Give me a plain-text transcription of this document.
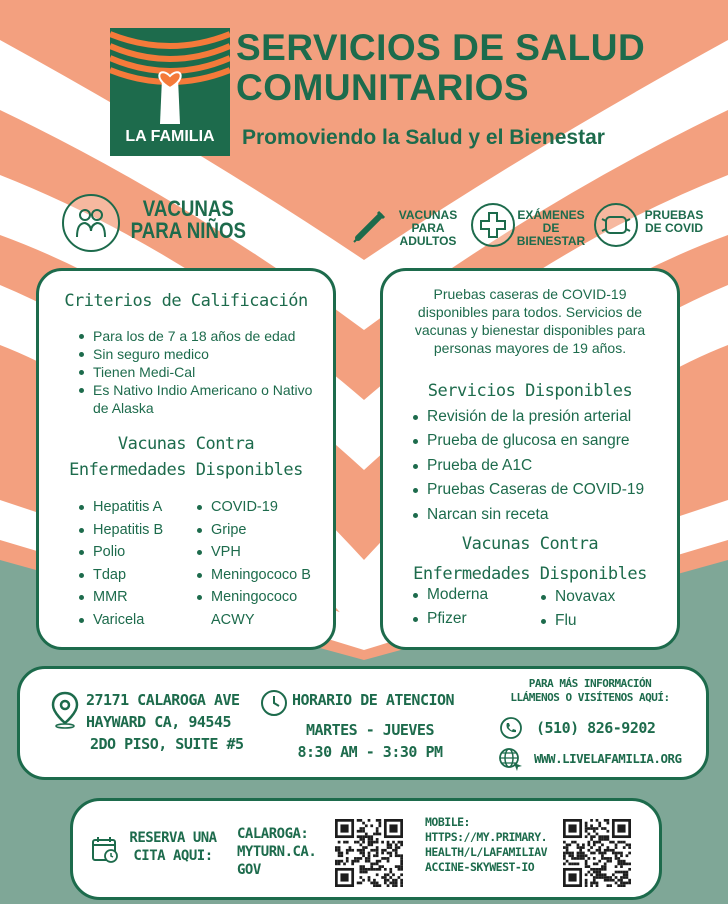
LA FAMILIA
SERVICIOS DE SALUD
COMUNITARIOS
Promoviendo la Salud y el Bienestar
VACUNAS PARA NIÑOS
VACUNAS PARA ADULTOS
EXÁMENES DE BIENESTAR
PRUEBAS DE COVID
Criterios de Calificación
Para los de 7 a 18 años de edad
Sin seguro medico
Tienen Medi-Cal
Es Nativo Indio Americano o Nativo de Alaska
Vacunas Contra
Enfermedades Disponibles
Hepatitis A
Hepatitis B
Polio
Tdap
MMR
Varicela
COVID-19
Gripe
VPH
Meningococo B
Meningococo ACWY
Pruebas caseras de COVID-19 disponibles para todos. Servicios de vacunas y bienestar disponibles para personas mayores de 19 años.
Servicios Disponibles
Revisión de la presión arterial
Prueba de glucosa en sangre
Prueba de A1C
Pruebas Caseras de COVID-19
Narcan sin receta
Vacunas Contra
Enfermedades Disponibles
Moderna
Pfizer
Novavax
Flu
27171 CALAROGA AVE
HAYWARD CA, 94545
2DO PISO, SUITE #5
HORARIO DE ATENCION
MARTES - JUEVES
8:30 AM - 3:30 PM
PARA MÁS INFORMACIÓN
LLÁMENOS O VISÍTENOS AQUÍ:
(510) 826-9202
WWW.LIVELAFAMILIA.ORG
RESERVA UNA
CITA AQUI:
CALAROGA:
MYTURN.CA.
GOV
MOBILE:
HTTPS://MY.PRIMARY.
HEALTH/L/LAFAMILIAV
ACCINE-SKYWEST-IO
